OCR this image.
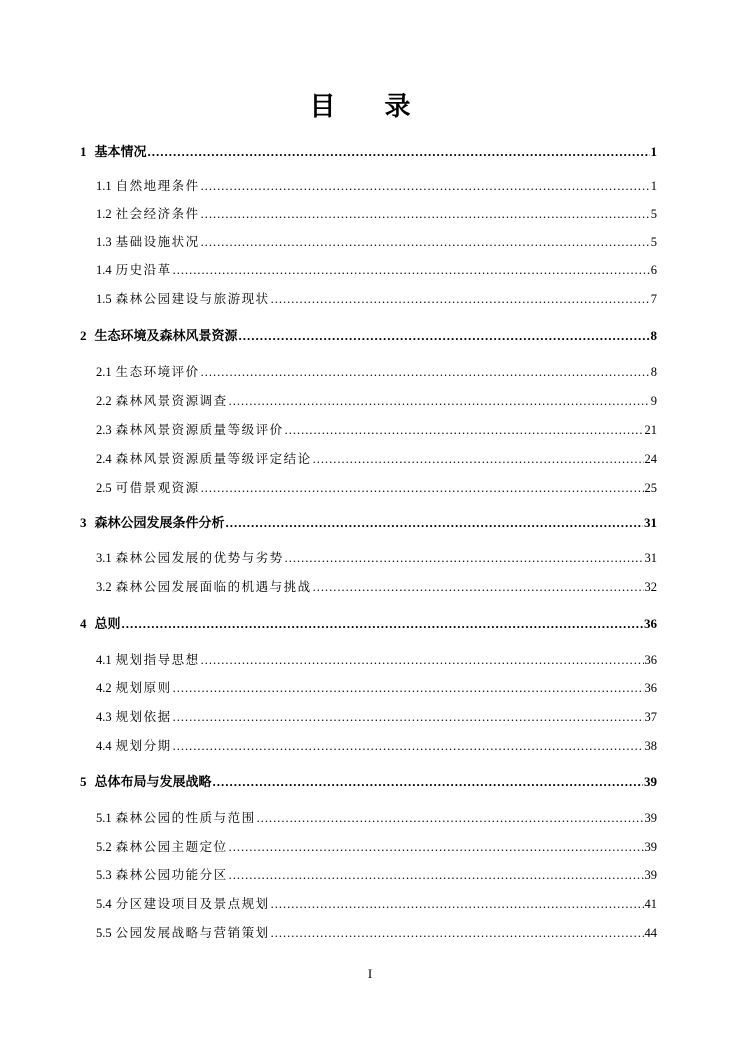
目 录
1 基本情况 .....	1
1.1 自然地理条件 .....	1
1.2 社会经济条件 .....	5
1.3 基础设施状况 .....	5
1.4 历史沿革 .....	6
1.5 森林公园建设与旅游现状 .....	7
2 生态环境及森林风景资源 .....	8
2.1 生态环境评价 .....	8
2.2 森林风景资源调查 .....	9
2.3 森林风景资源质量等级评价 .....	21
2.4 森林风景资源质量等级评定结论 .....	24
2.5 可借景观资源 .....	25
3 森林公园发展条件分析 .....	31
3.1 森林公园发展的优势与劣势 .....	31
3.2 森林公园发展面临的机遇与挑战 .....	32
4 总则 .....	36
4.1 规划指导思想 .....	36
4.2 规划原则 .....	36
4.3 规划依据 .....	37
4.4 规划分期 .....	38
5 总体布局与发展战略 .....	39
5.1 森林公园的性质与范围 .....	39
5.2 森林公园主题定位 .....	39
5.3 森林公园功能分区 .....	39
5.4 分区建设项目及景点规划 .....	41
5.5 公园发展战略与营销策划 .....	44
I
